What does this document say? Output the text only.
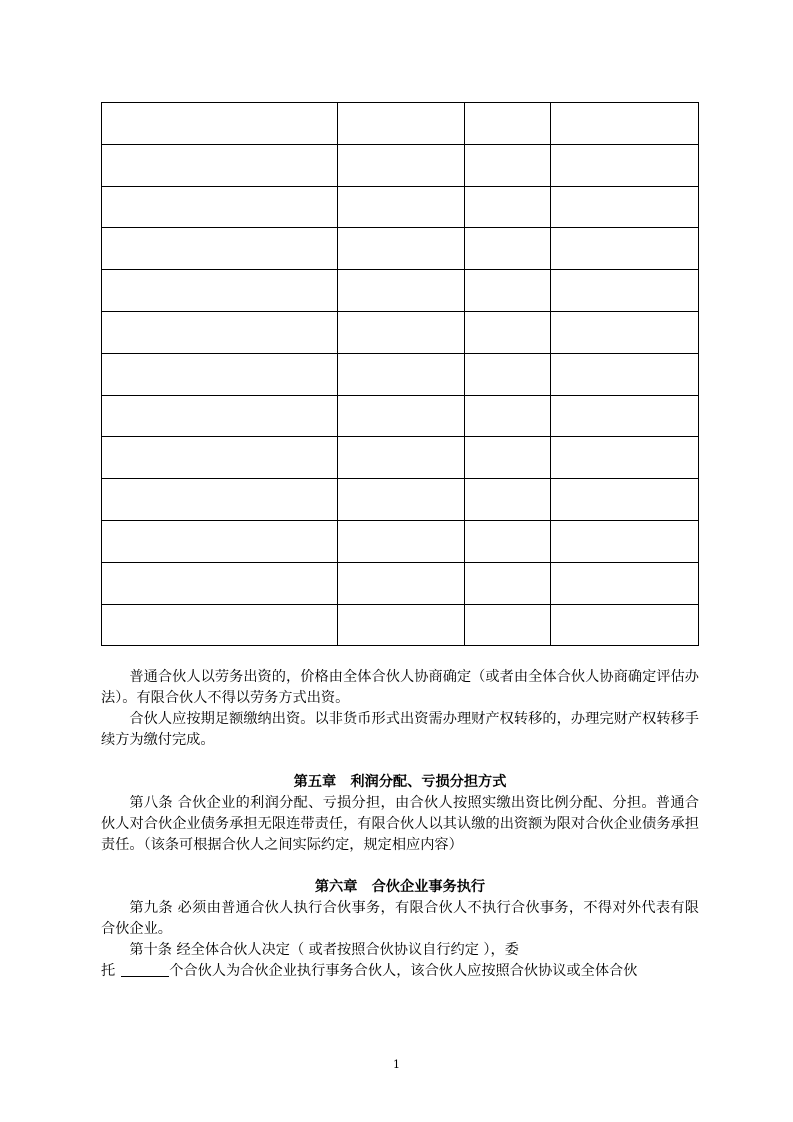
普通合伙人以劳务出资的，价格由全体合伙人协商确定（或者由全体合伙人协商确定评估办法）。有限合伙人不得以劳务方式出资。

合伙人应按期足额缴纳出资。以非货币形式出资需办理财产权转移的，办理完财产权转移手续方为缴付完成。

第五章　利润分配、亏损分担方式

第八条 合伙企业的利润分配、亏损分担，由合伙人按照实缴出资比例分配、分担。普通合伙人对合伙企业债务承担无限连带责任，有限合伙人以其认缴的出资额为限对合伙企业债务承担责任。（该条可根据合伙人之间实际约定，规定相应内容）

第六章　合伙企业事务执行

第九条 必须由普通合伙人执行合伙事务，有限合伙人不执行合伙事务，不得对外代表有限合伙企业。

第十条 经全体合伙人决定（ 或者按照合伙协议自行约定 ），委

托	个合伙人为合伙企业执行事务合伙人，该合伙人应按照合伙协议或全体合伙

1
